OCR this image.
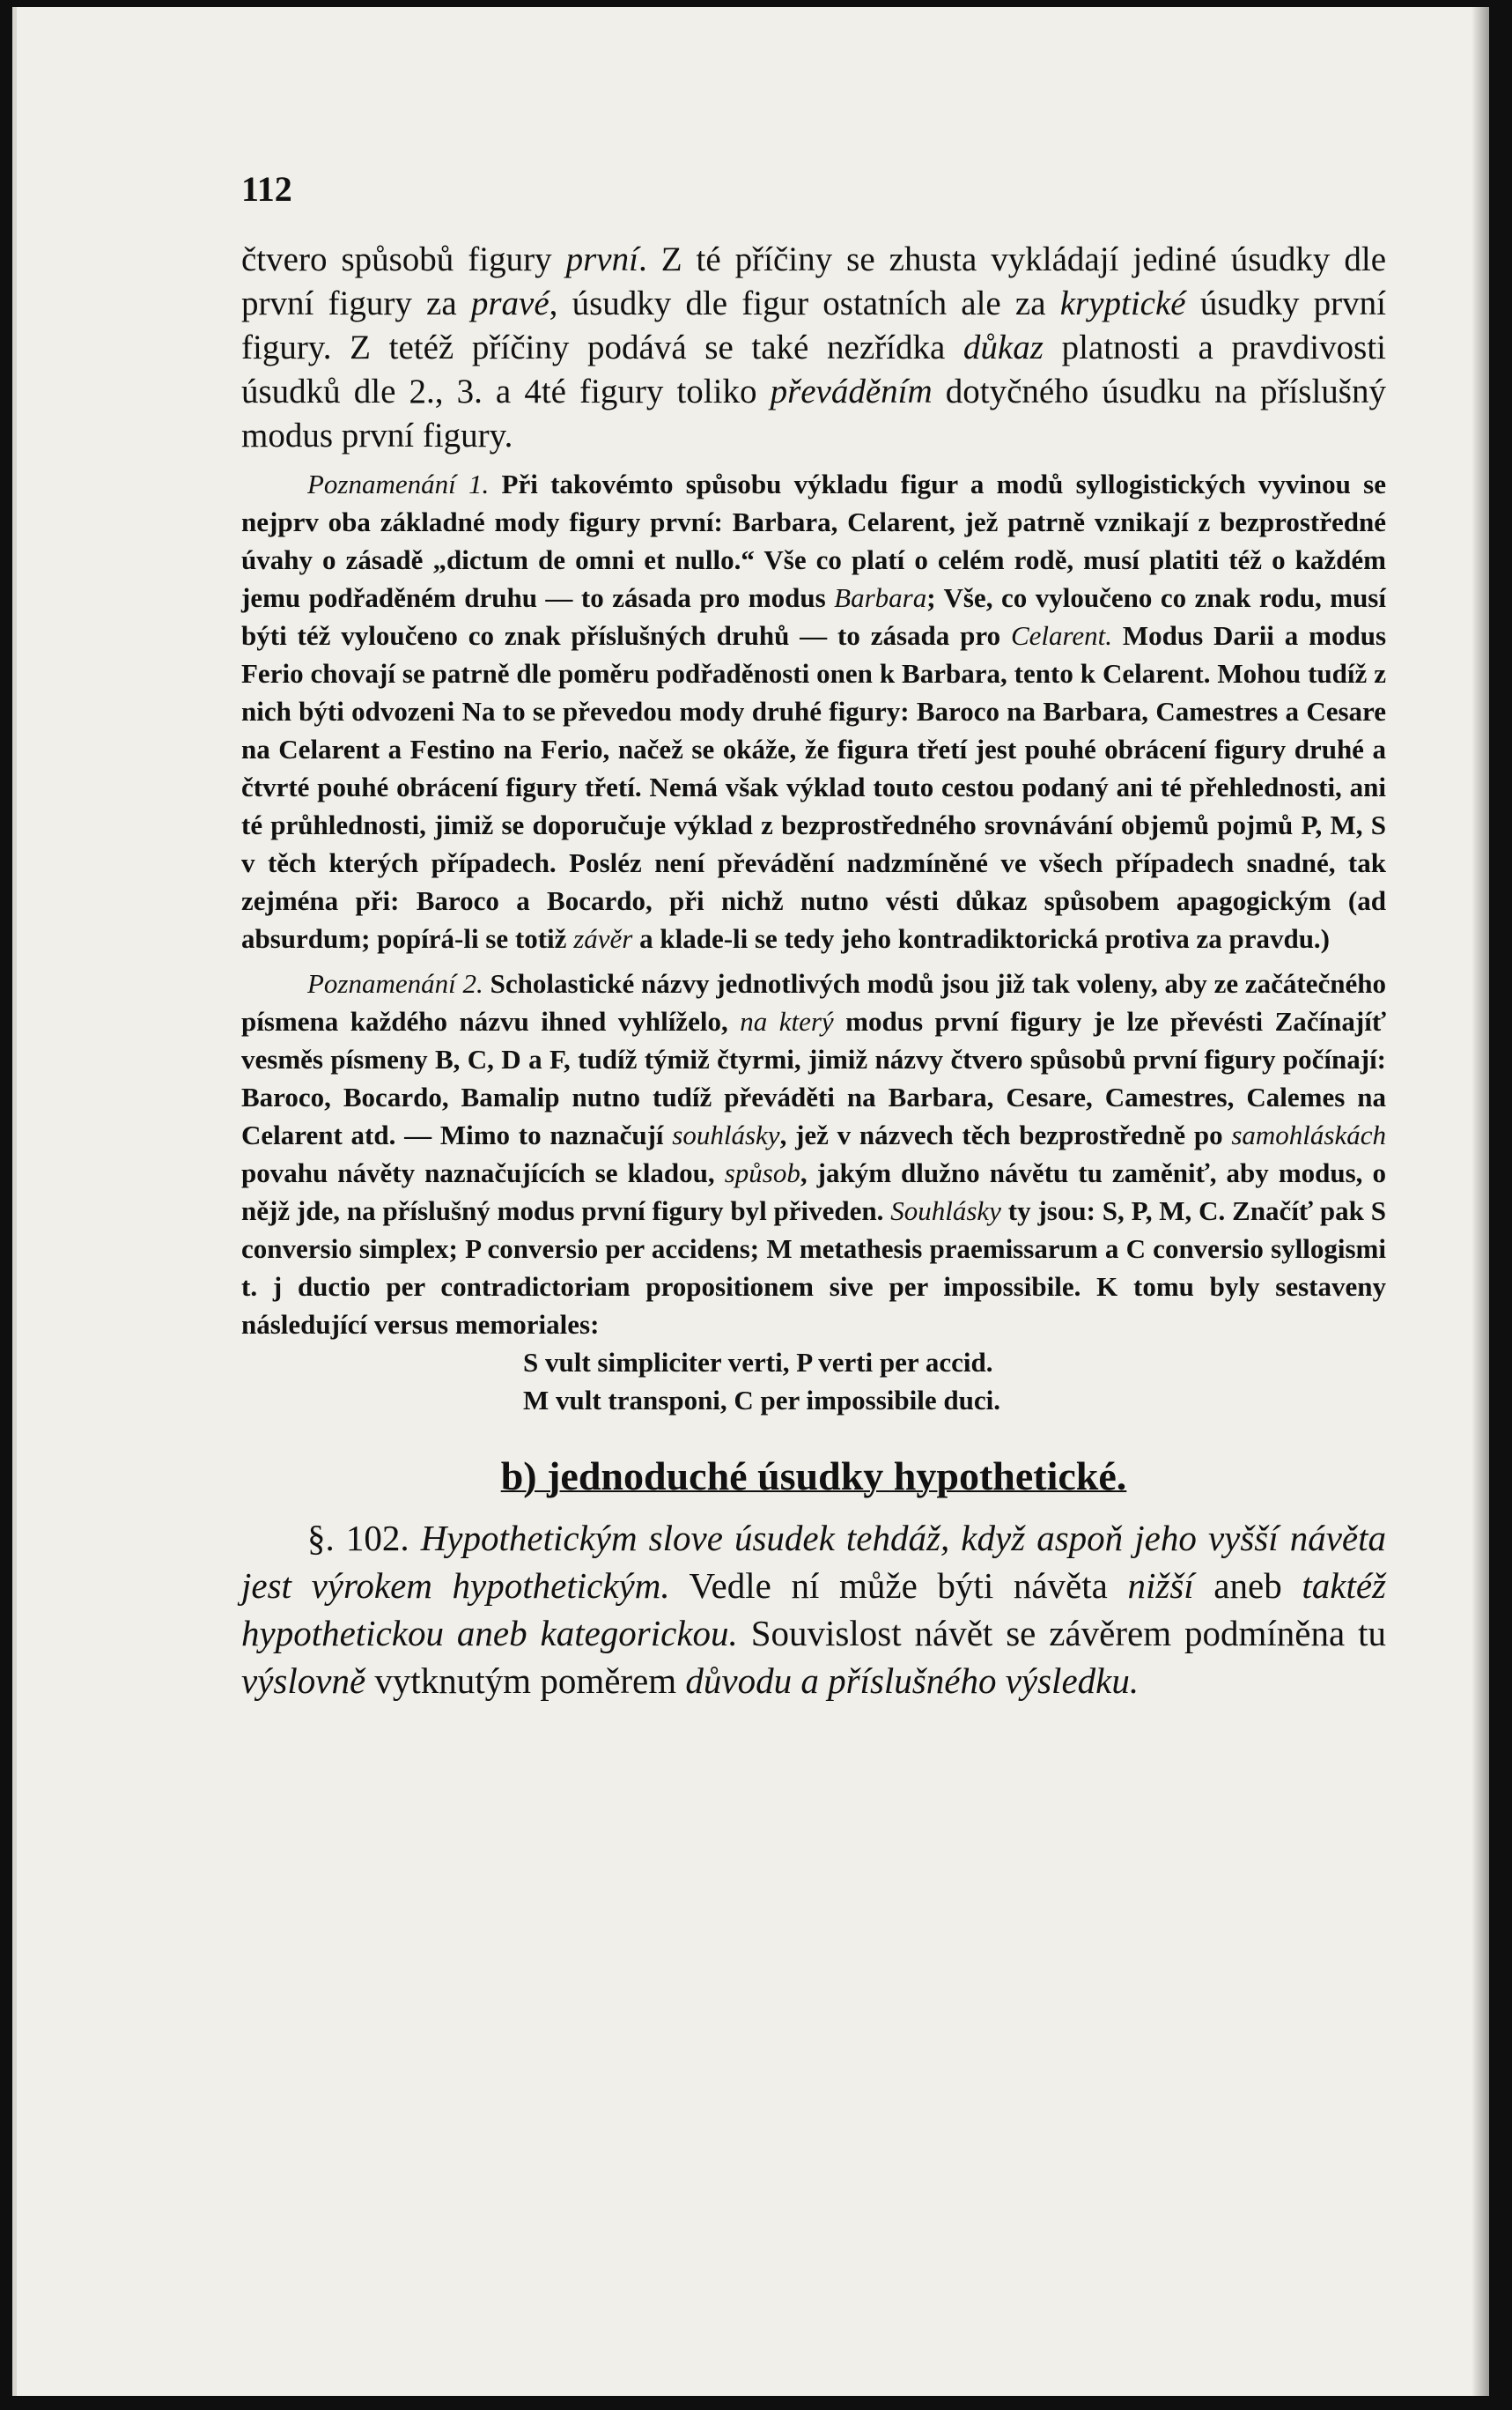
112

čtvero spůsobů figury první. Z té příčiny se zhusta vykládají jediné úsudky dle první figury za pravé, úsudky dle figur ostatních ale za kryptické úsudky první figury. Z tetéž příčiny podává se také nezřídka důkaz platnosti a pravdivosti úsudků dle 2., 3. a 4té figury toliko převáděním dotyčného úsudku na příslušný modus první figury.

Poznamenání 1. Při takovémto spůsobu výkladu figur a modů syllogistických vyvinou se nejprv oba základné mody figury první: Barbara, Celarent, jež patrně vznikají z bezprostředné úvahy o zásadě „dictum de omni et nullo.“ Vše co platí o celém rodě, musí platiti též o každém jemu podřaděném druhu — to zásada pro modus Barbara; Vše, co vyloučeno co znak rodu, musí býti též vyloučeno co znak příslušných druhů — to zásada pro Celarent. Modus Darii a modus Ferio chovají se patrně dle poměru podřaděnosti onen k Barbara, tento k Celarent. Mohou tudíž z nich býti odvozeni Na to se převedou mody druhé figury: Baroco na Barbara, Camestres a Cesare na Celarent a Festino na Ferio, načež se okáže, že figura třetí jest pouhé obrácení figury druhé a čtvrté pouhé obrácení figury třetí. Nemá však výklad touto cestou podaný ani té přehlednosti, ani té průhlednosti, jimiž se doporučuje výklad z bezprostředného srovnávání objemů pojmů P, M, S v těch kterých případech. Posléz není převádění nadzmíněné ve všech případech snadné, tak zejména při: Baroco a Bocardo, při nichž nutno vésti důkaz spůsobem apagogickým (ad absurdum; popírá-li se totiž závěr a klade-li se tedy jeho kontradiktorická protiva za pravdu.)

Poznamenání 2. Scholastické názvy jednotlivých modů jsou již tak voleny, aby ze začátečného písmena každého názvu ihned vyhlíželo, na který modus první figury je lze převésti Začínajíť vesměs písmeny B, C, D a F, tudíž týmiž čtyrmi, jimiž názvy čtvero spůsobů první figury počínají: Baroco, Bocardo, Bamalip nutno tudíž převáděti na Barbara, Cesare, Camestres, Calemes na Celarent atd. — Mimo to naznačují souhlásky, jež v názvech těch bezprostředně po samohláskách povahu návěty naznačujících se kladou, spůsob, jakým dlužno návětu tu zaměniť, aby modus, o nějž jde, na příslušný modus první figury byl přiveden. Souhlásky ty jsou: S, P, M, C. Značíť pak S conversio simplex; P conversio per accidens; M metathesis praemissarum a C conversio syllogismi t. j ductio per contradictoriam propositionem sive per impossibile. K tomu byly sestaveny následující versus memoriales:

S vult simpliciter verti, P verti per accid.
M vult transponi, C per impossibile duci.
b) jednoduché úsudky hypothetické.

§. 102. Hypothetickým slove úsudek tehdáž, když aspoň jeho vyšší návěta jest výrokem hypothetickým. Vedle ní může býti návěta nižší aneb taktéž hypothetickou aneb kategorickou. Souvislost návět se závěrem podmíněna tu výslovně vytknutým poměrem důvodu a příslušného výsledku.
